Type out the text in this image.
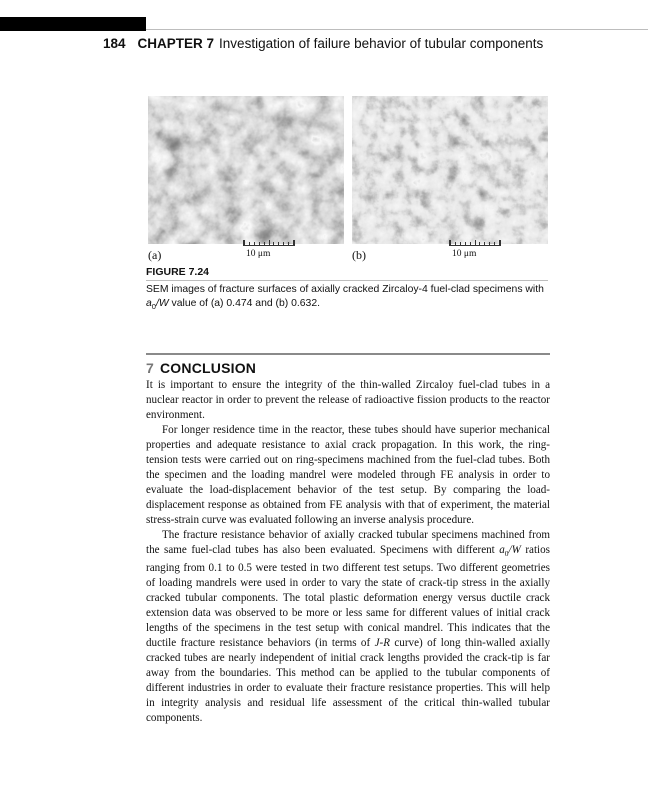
184 CHAPTER 7 Investigation of failure behavior of tubular components
(a)	10 μm	(b)	10 μm
FIGURE 7.24
SEM images of fracture surfaces of axially cracked Zircaloy-4 fuel-clad specimens with $a_0/W$ value of (a) 0.474 and (b) 0.632.
7 CONCLUSION

It is important to ensure the integrity of the thin-walled Zircaloy fuel-clad tubes in a nuclear reactor in order to prevent the release of radioactive fission products to the reactor environment.

For longer residence time in the reactor, these tubes should have superior mechanical properties and adequate resistance to axial crack propagation. In this work, the ring-tension tests were carried out on ring-specimens machined from the fuel-clad tubes. Both the specimen and the loading mandrel were modeled through FE analysis in order to evaluate the load-displacement behavior of the test setup. By comparing the load-displacement response as obtained from FE analysis with that of experiment, the material stress-strain curve was evaluated following an inverse analysis procedure.

The fracture resistance behavior of axially cracked tubular specimens machined from the same fuel-clad tubes has also been evaluated. Specimens with different $a_0/W$ ratios ranging from 0.1 to 0.5 were tested in two different test setups. Two different geometries of loading mandrels were used in order to vary the state of crack-tip stress in the axially cracked tubular components. The total plastic deformation energy versus ductile crack extension data was observed to be more or less same for different values of initial crack lengths of the specimens in the test setup with conical mandrel. This indicates that the ductile fracture resistance behaviors (in terms of J-R curve) of long thin-walled axially cracked tubes are nearly independent of initial crack lengths provided the crack-tip is far away from the boundaries. This method can be applied to the tubular components of different industries in order to evaluate their fracture resistance properties. This will help in integrity analysis and residual life assessment of the critical thin-walled tubular components.
